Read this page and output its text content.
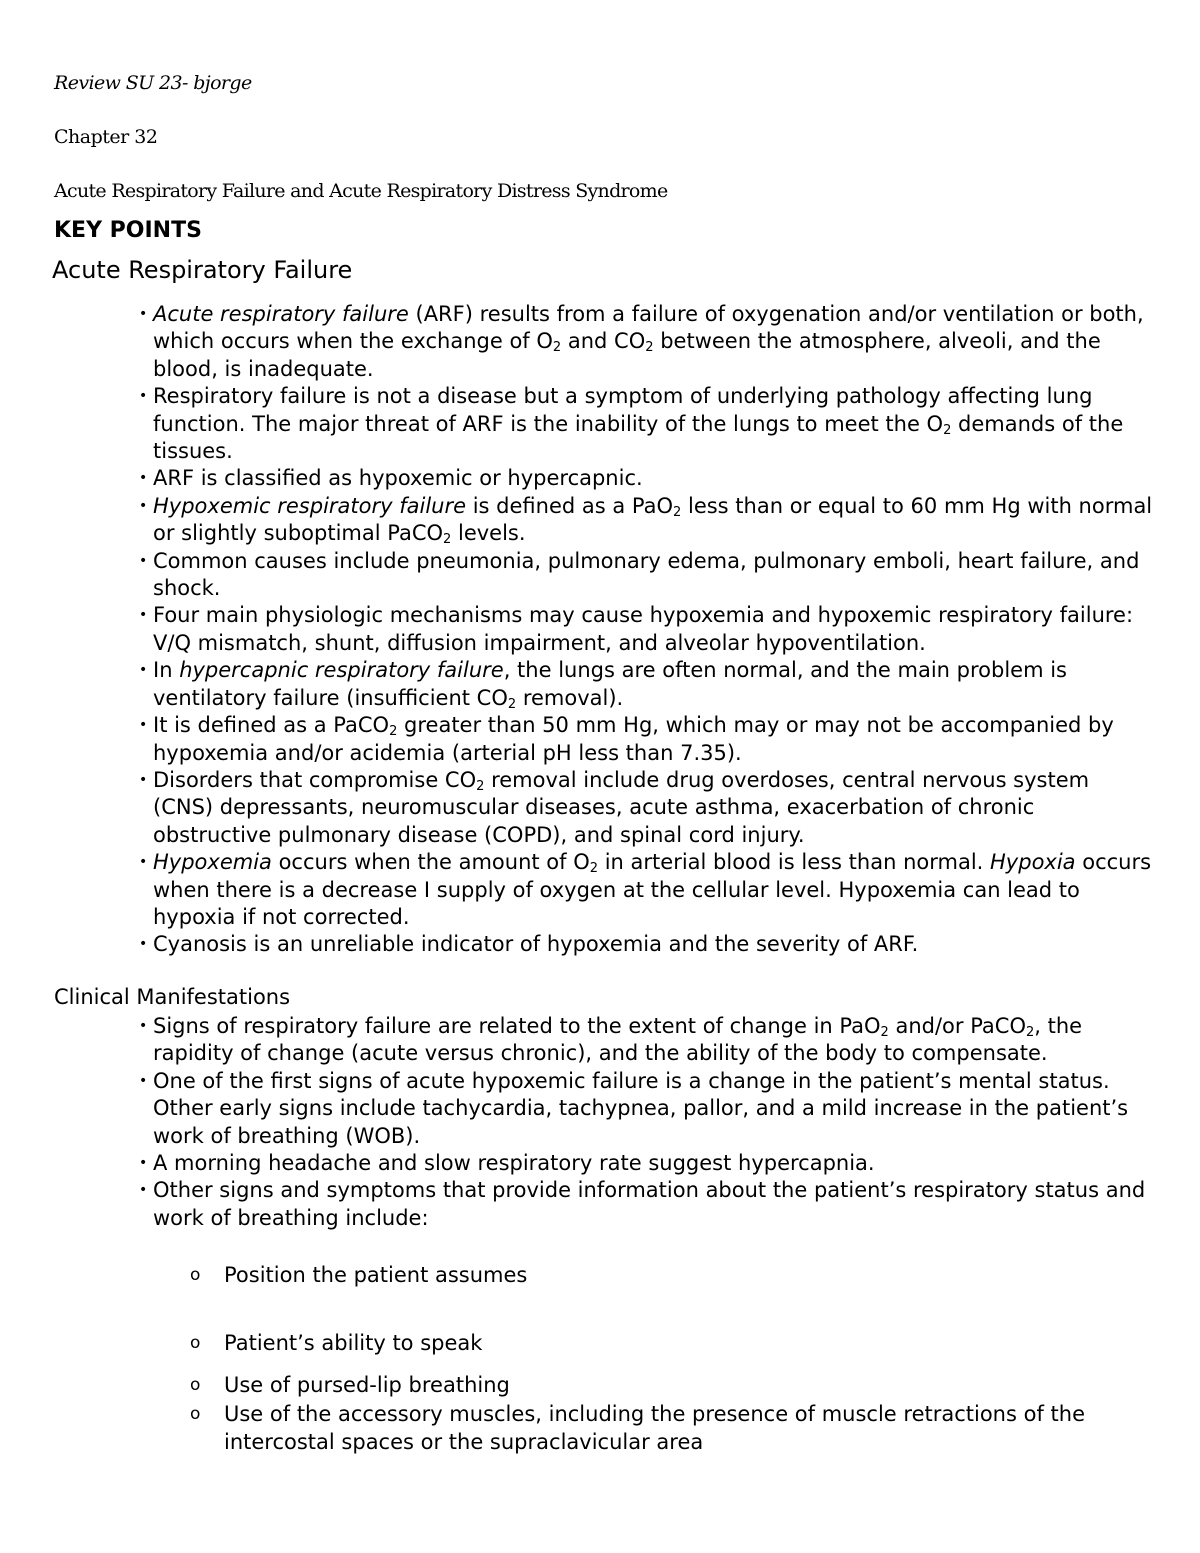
Review SU 23- bjorge

Chapter 32

Acute Respiratory Failure and Acute Respiratory Distress Syndrome

KEY POINTS
Acute Respiratory Failure
• Acute respiratory failure (ARF) results from a failure of oxygenation and/or ventilation or both, which occurs when the exchange of $O_2$ and $CO_2$ between the atmosphere, alveoli, and the blood, is inadequate.
• Respiratory failure is not a disease but a symptom of underlying pathology affecting lung function. The major threat of ARF is the inability of the lungs to meet the $O_2$ demands of the tissues.
• ARF is classified as hypoxemic or hypercapnic.
• Hypoxemic respiratory failure is defined as a PaO$_2$ less than or equal to 60 mm Hg with normal or slightly suboptimal PaCO$_2$ levels.
• Common causes include pneumonia, pulmonary edema, pulmonary emboli, heart failure, and shock.
• Four main physiologic mechanisms may cause hypoxemia and hypoxemic respiratory failure: V/Q mismatch, shunt, diffusion impairment, and alveolar hypoventilation.
• In hypercapnic respiratory failure, the lungs are often normal, and the main problem is ventilatory failure (insufficient $CO_2$ removal).
• It is defined as a PaCO$_2$ greater than 50 mm Hg, which may or may not be accompanied by hypoxemia and/or acidemia (arterial pH less than 7.35).
• Disorders that compromise $CO_2$ removal include drug overdoses, central nervous system (CNS) depressants, neuromuscular diseases, acute asthma, exacerbation of chronic obstructive pulmonary disease (COPD), and spinal cord injury.
• Hypoxemia occurs when the amount of $O_2$ in arterial blood is less than normal. Hypoxia occurs when there is a decrease I supply of oxygen at the cellular level. Hypoxemia can lead to hypoxia if not corrected.
• Cyanosis is an unreliable indicator of hypoxemia and the severity of ARF.
Clinical Manifestations
• Signs of respiratory failure are related to the extent of change in PaO$_2$ and/or PaCO$_2$, the rapidity of change (acute versus chronic), and the ability of the body to compensate.
• One of the first signs of acute hypoxemic failure is a change in the patient’s mental status. Other early signs include tachycardia, tachypnea, pallor, and a mild increase in the patient’s work of breathing (WOB).
• A morning headache and slow respiratory rate suggest hypercapnia.
• Other signs and symptoms that provide information about the patient’s respiratory status and work of breathing include:
o Position the patient assumes
o Patient’s ability to speak
o Use of pursed-lip breathing
o Use of the accessory muscles, including the presence of muscle retractions of the intercostal spaces or the supraclavicular area
